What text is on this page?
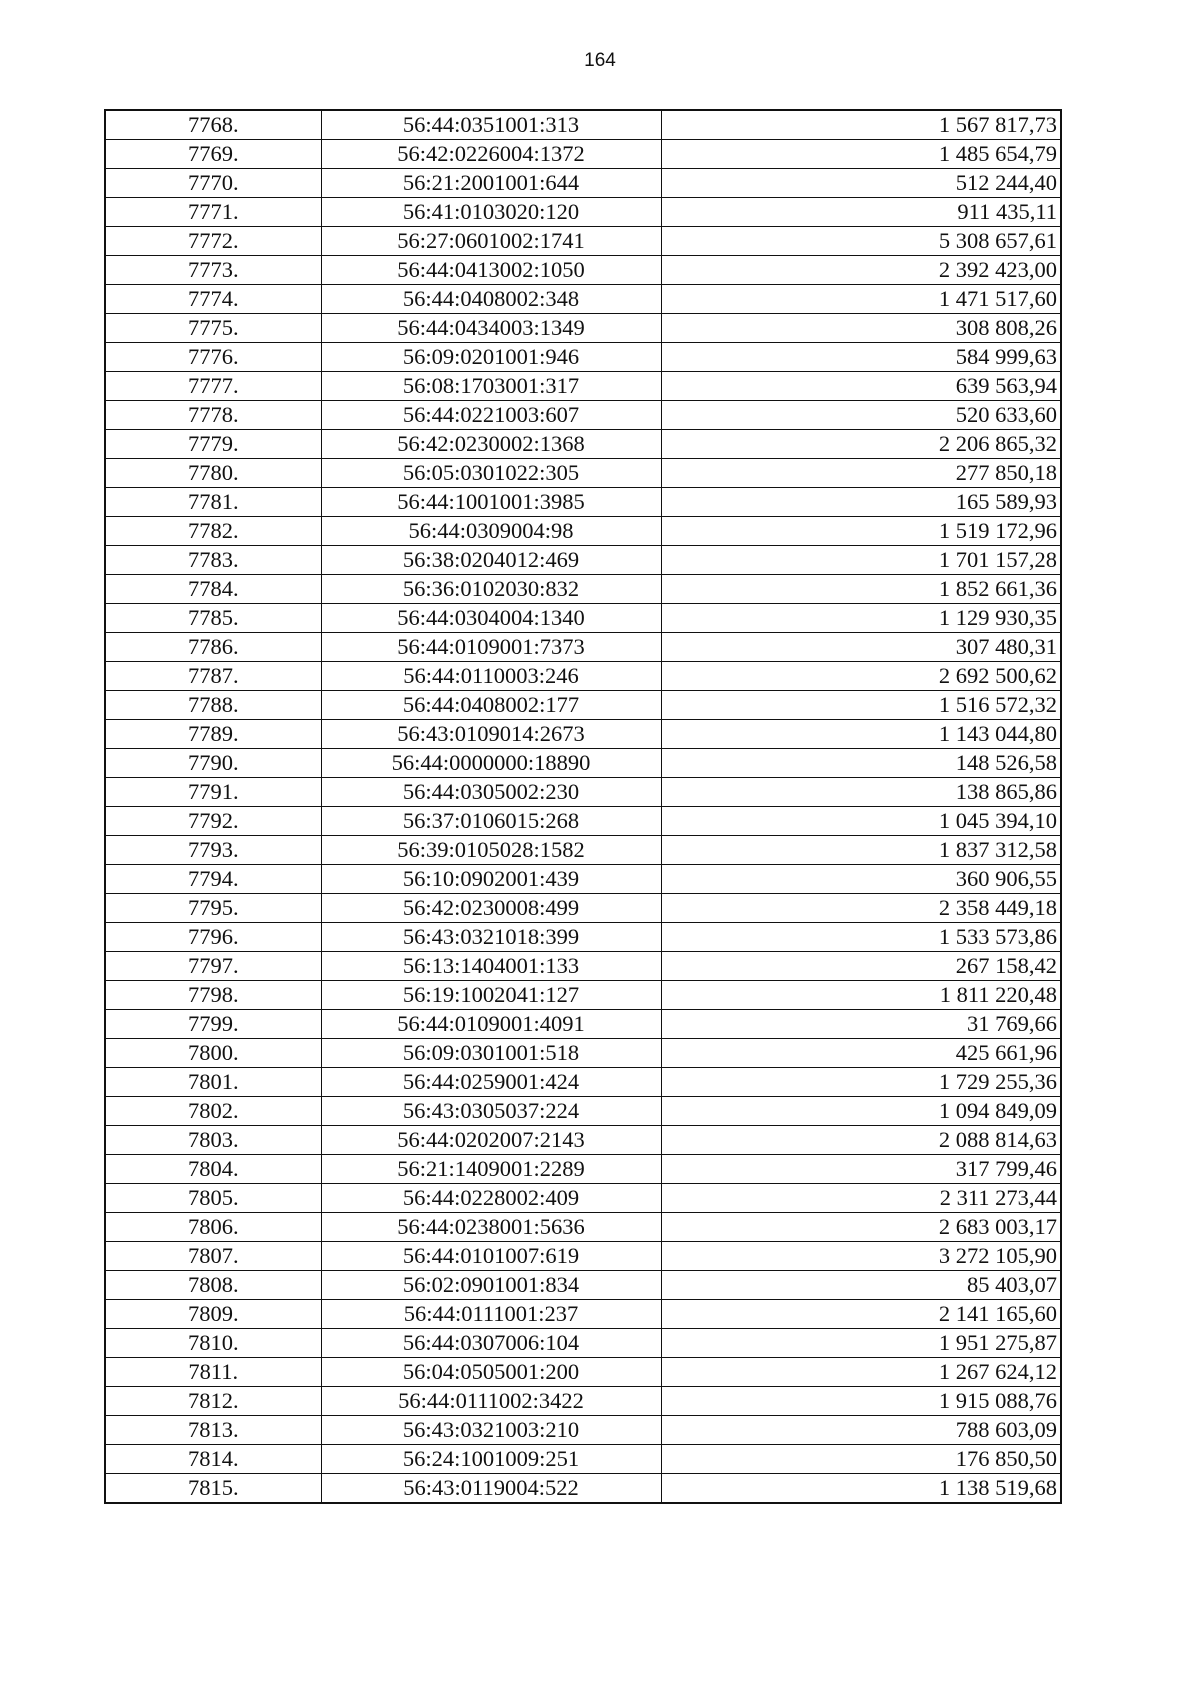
164
7768.	56:44:0351001:313	1 567 817,73
7769.	56:42:0226004:1372	1 485 654,79
7770.	56:21:2001001:644	512 244,40
7771.	56:41:0103020:120	911 435,11
7772.	56:27:0601002:1741	5 308 657,61
7773.	56:44:0413002:1050	2 392 423,00
7774.	56:44:0408002:348	1 471 517,60
7775.	56:44:0434003:1349	308 808,26
7776.	56:09:0201001:946	584 999,63
7777.	56:08:1703001:317	639 563,94
7778.	56:44:0221003:607	520 633,60
7779.	56:42:0230002:1368	2 206 865,32
7780.	56:05:0301022:305	277 850,18
7781.	56:44:1001001:3985	165 589,93
7782.	56:44:0309004:98	1 519 172,96
7783.	56:38:0204012:469	1 701 157,28
7784.	56:36:0102030:832	1 852 661,36
7785.	56:44:0304004:1340	1 129 930,35
7786.	56:44:0109001:7373	307 480,31
7787.	56:44:0110003:246	2 692 500,62
7788.	56:44:0408002:177	1 516 572,32
7789.	56:43:0109014:2673	1 143 044,80
7790.	56:44:0000000:18890	148 526,58
7791.	56:44:0305002:230	138 865,86
7792.	56:37:0106015:268	1 045 394,10
7793.	56:39:0105028:1582	1 837 312,58
7794.	56:10:0902001:439	360 906,55
7795.	56:42:0230008:499	2 358 449,18
7796.	56:43:0321018:399	1 533 573,86
7797.	56:13:1404001:133	267 158,42
7798.	56:19:1002041:127	1 811 220,48
7799.	56:44:0109001:4091	31 769,66
7800.	56:09:0301001:518	425 661,96
7801.	56:44:0259001:424	1 729 255,36
7802.	56:43:0305037:224	1 094 849,09
7803.	56:44:0202007:2143	2 088 814,63
7804.	56:21:1409001:2289	317 799,46
7805.	56:44:0228002:409	2 311 273,44
7806.	56:44:0238001:5636	2 683 003,17
7807.	56:44:0101007:619	3 272 105,90
7808.	56:02:0901001:834	85 403,07
7809.	56:44:0111001:237	2 141 165,60
7810.	56:44:0307006:104	1 951 275,87
7811.	56:04:0505001:200	1 267 624,12
7812.	56:44:0111002:3422	1 915 088,76
7813.	56:43:0321003:210	788 603,09
7814.	56:24:1001009:251	176 850,50
7815.	56:43:0119004:522	1 138 519,68
